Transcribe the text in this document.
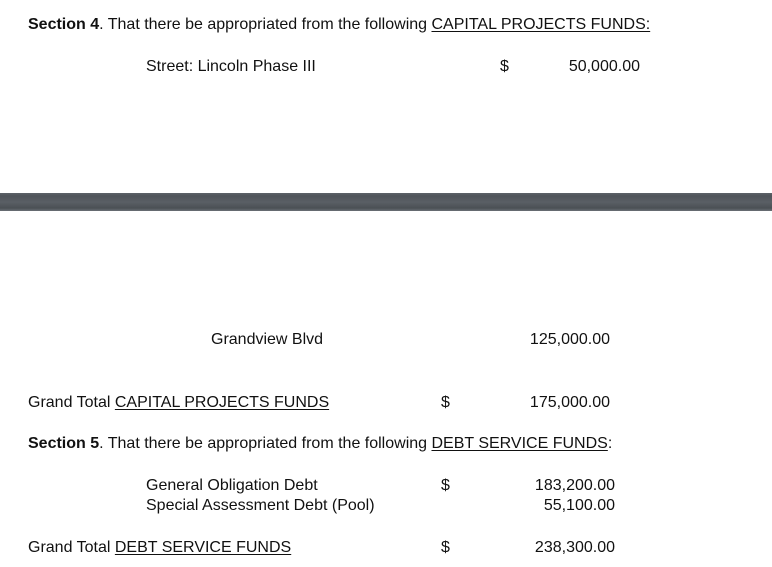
Section 4. That there be appropriated from the following CAPITAL PROJECTS FUNDS:
Street: Lincoln Phase III	$	50,000.00
Grandview Blvd	125,000.00
Grand Total CAPITAL PROJECTS FUNDS	$	175,000.00
Section 5. That there be appropriated from the following DEBT SERVICE FUNDS:
General Obligation Debt	$	183,200.00
Special Assessment Debt (Pool)	55,100.00
Grand Total DEBT SERVICE FUNDS	$	238,300.00
